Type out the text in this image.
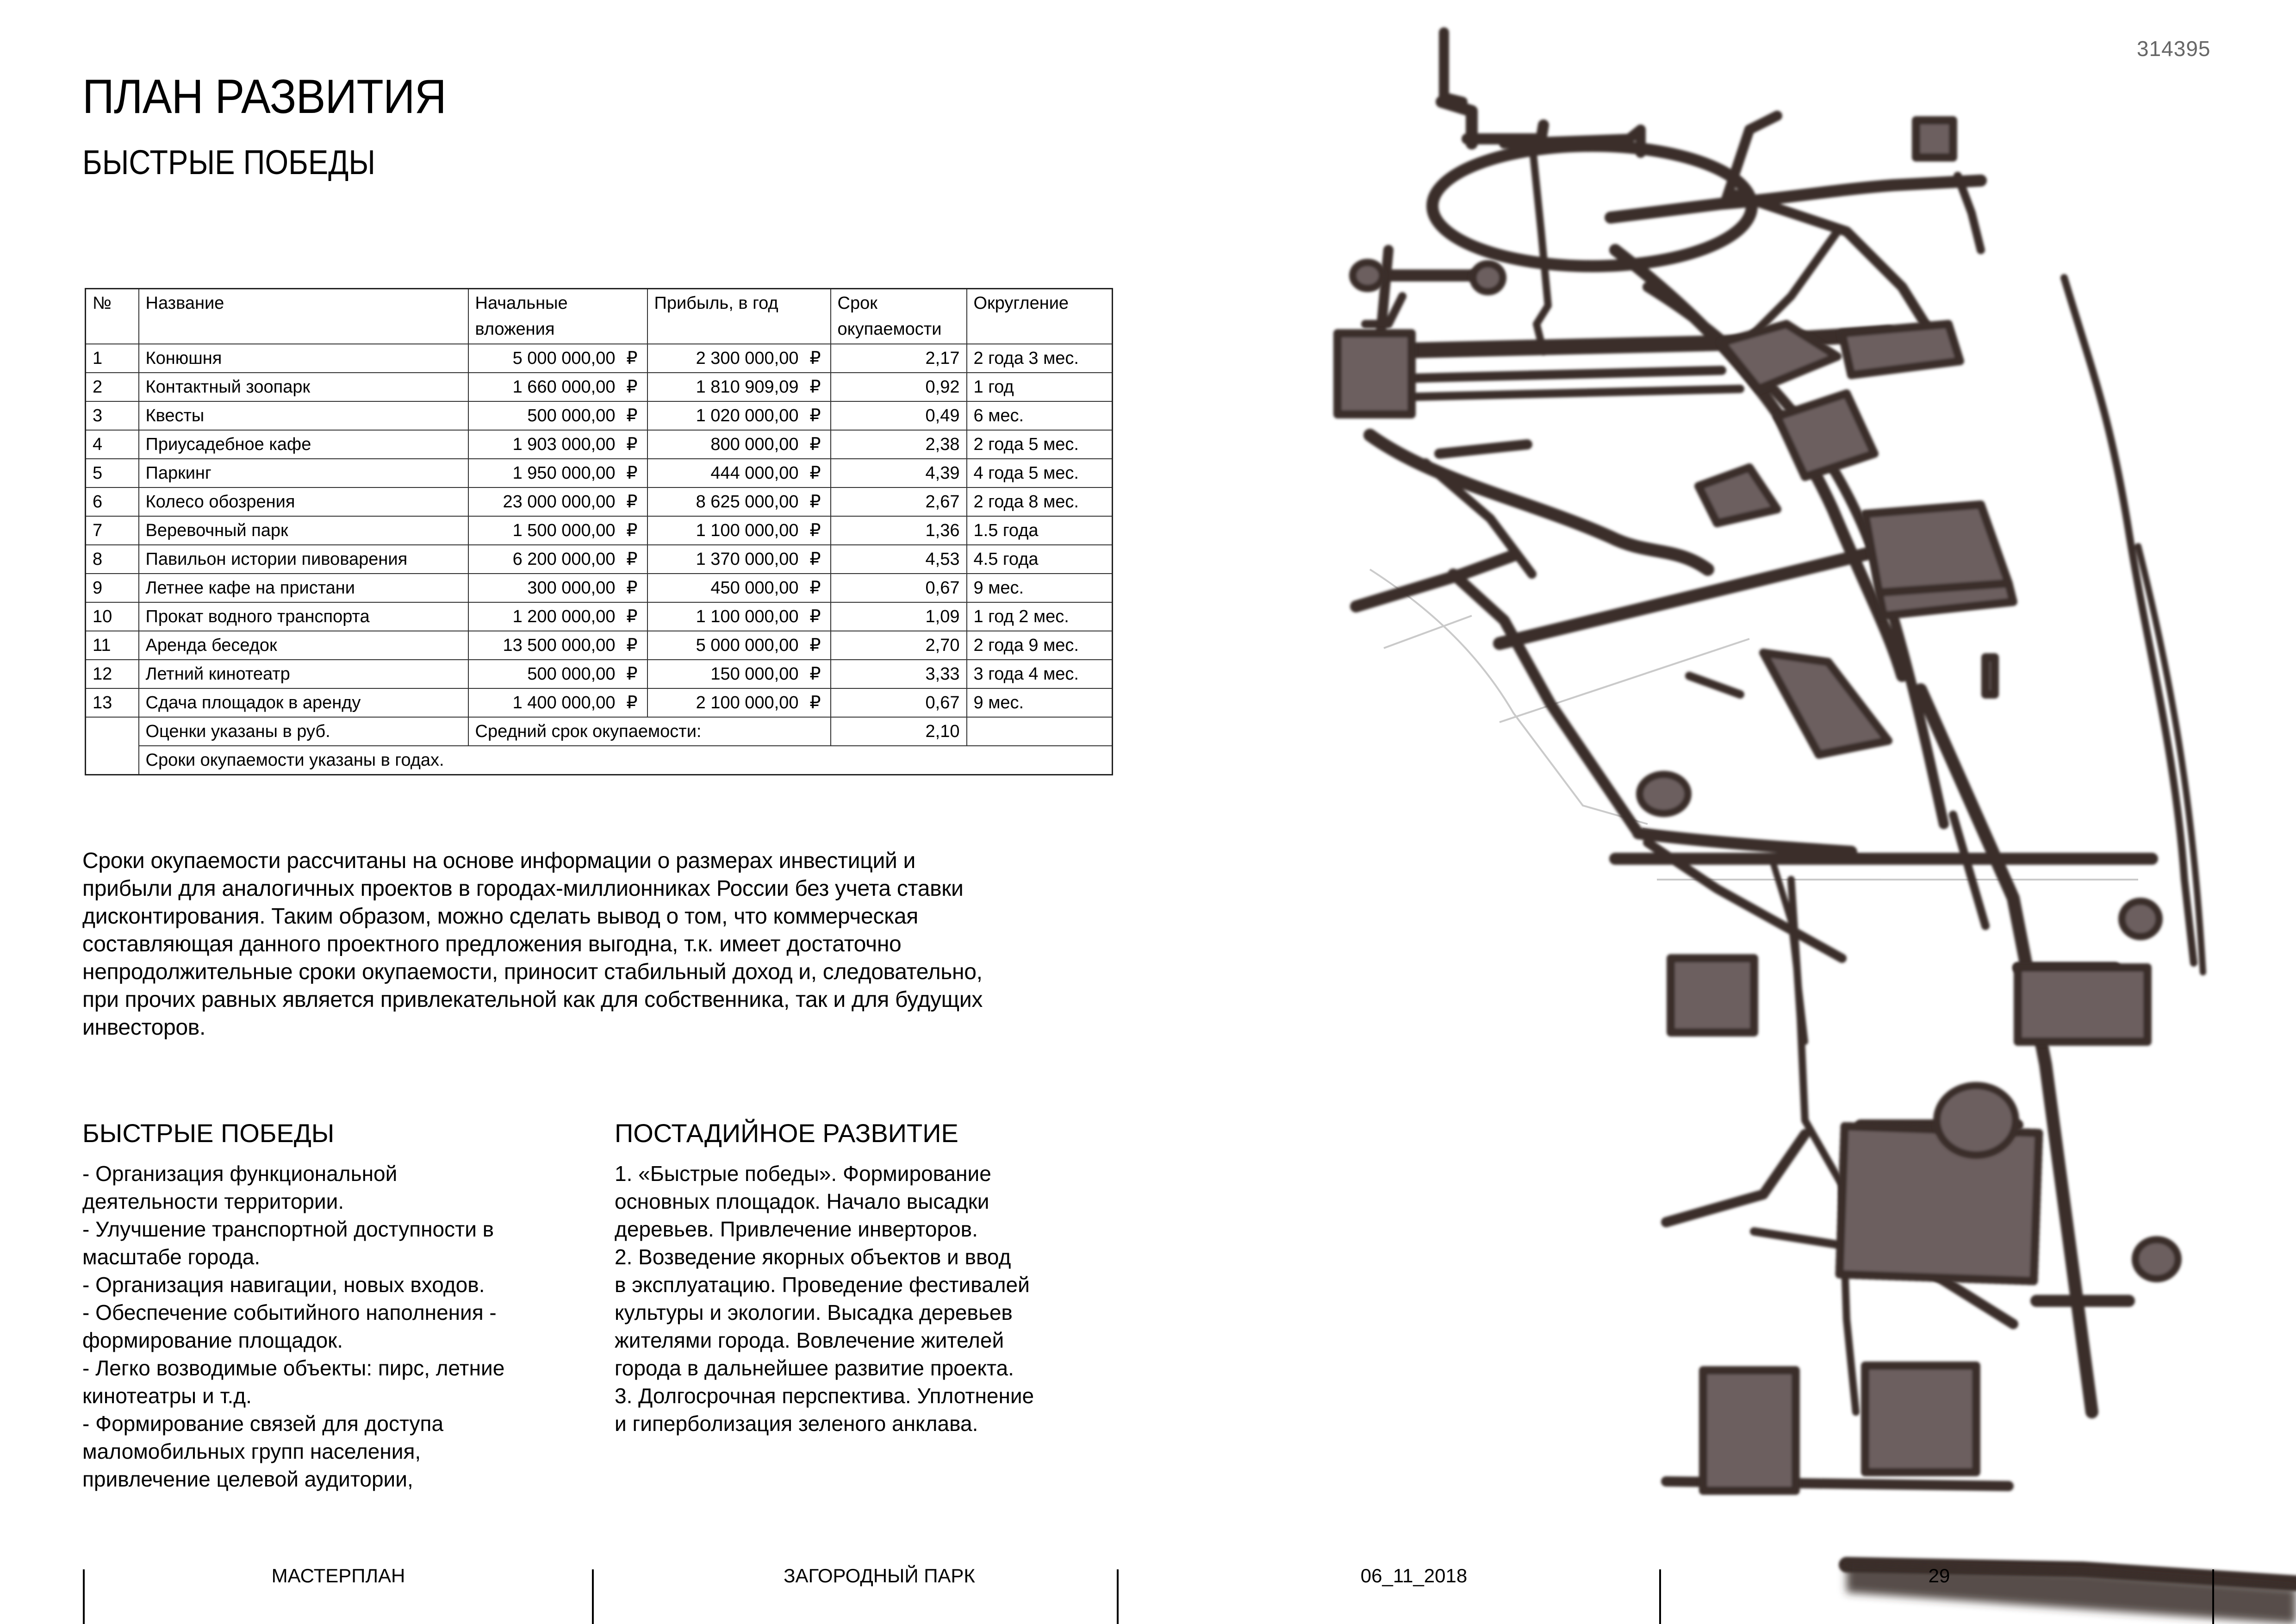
ПЛАН РАЗВИТИЯ
БЫСТРЫЕ ПОБЕДЫ
314395
№	Название	Начальные вложения	Прибыль, в год	Срок окупаемости	Округление
1	Конюшня	5 000 000,00 ₽	2 300 000,00 ₽	2,17	2 года 3 мес.
2	Контактный зоопарк	1 660 000,00 ₽	1 810 909,09 ₽	0,92	1 год
3	Квесты	500 000,00 ₽	1 020 000,00 ₽	0,49	6 мес.
4	Приусадебное кафе	1 903 000,00 ₽	800 000,00 ₽	2,38	2 года 5 мес.
5	Паркинг	1 950 000,00 ₽	444 000,00 ₽	4,39	4 года 5 мес.
6	Колесо обозрения	23 000 000,00 ₽	8 625 000,00 ₽	2,67	2 года 8 мес.
7	Веревочный парк	1 500 000,00 ₽	1 100 000,00 ₽	1,36	1.5 года
8	Павильон истории пивоварения	6 200 000,00 ₽	1 370 000,00 ₽	4,53	4.5 года
9	Летнее кафе на пристани	300 000,00 ₽	450 000,00 ₽	0,67	9 мес.
10	Прокат водного транспорта	1 200 000,00 ₽	1 100 000,00 ₽	1,09	1 год 2 мес.
11	Аренда беседок	13 500 000,00 ₽	5 000 000,00 ₽	2,70	2 года 9 мес.
12	Летний кинотеатр	500 000,00 ₽	150 000,00 ₽	3,33	3 года 4 мес.
13	Сдача площадок в аренду	1 400 000,00 ₽	2 100 000,00 ₽	0,67	9 мес.
	Оценки указаны в руб.	Средний срок окупаемости:		2,10	
	Сроки окупаемости указаны в годах.				
Сроки окупаемости рассчитаны на основе информации о размерах инвестиций и
прибыли для аналогичных проектов в городах-миллионниках России без учета ставки
дисконтирования. Таким образом, можно сделать вывод о том, что коммерческая
составляющая данного проектного предложения выгодна, т.к. имеет достаточно
непродолжительные сроки окупаемости, приносит стабильный доход и, следовательно,
при прочих равных является привлекательной как для собственника, так и для будущих
инвесторов.
БЫСТРЫЕ ПОБЕДЫ
- Организация функциональной
деятельности территории.
- Улучшение транспортной доступности в
масштабе города.
- Организация навигации, новых входов.
- Обеспечение событийного наполнения -
формирование площадок.
- Легко возводимые объекты: пирс, летние
кинотеатры и т.д.
- Формирование связей для доступа
маломобильных групп населения,
привлечение целевой аудитории,
ПОСТАДИЙНОЕ РАЗВИТИЕ
1. «Быстрые победы». Формирование
основных площадок. Начало высадки
деревьев. Привлечение инверторов.
2. Возведение якорных объектов и ввод
в эксплуатацию. Проведение фестивалей
культуры и экологии. Высадка деревьев
жителями города. Вовлечение жителей
города в дальнейшее развитие проекта.
3. Долгосрочная перспектива. Уплотнение
и гиперболизация зеленого анклава.
МАСТЕРПЛАН	ЗАГОРОДНЫЙ ПАРК	06_11_2018	29
